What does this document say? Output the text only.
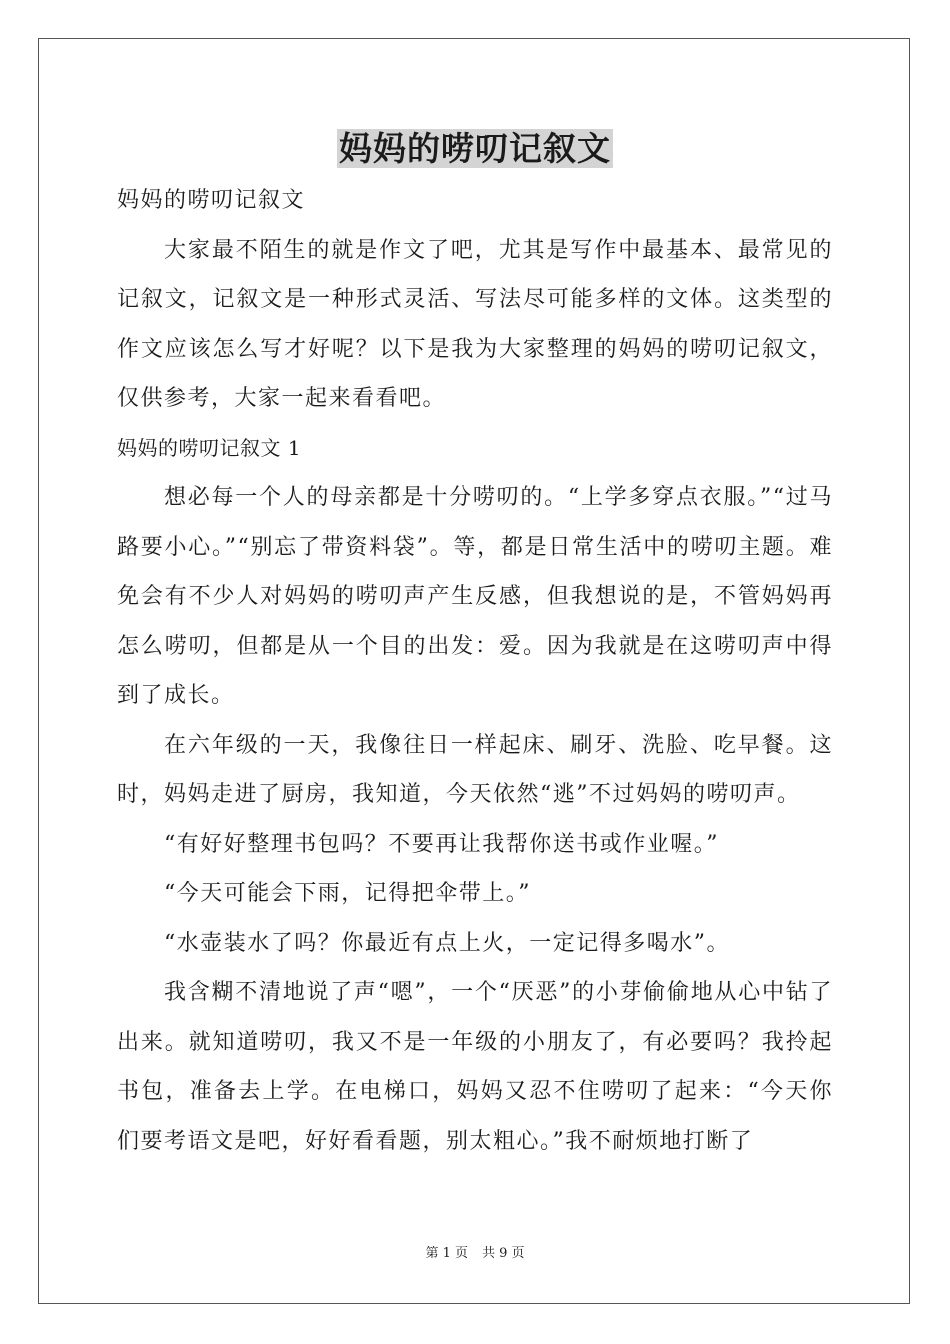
妈妈的唠叨记叙文

妈妈的唠叨记叙文

大家最不陌生的就是作文了吧，尤其是写作中最基本、最常见的记叙文，记叙文是一种形式灵活、写法尽可能多样的文体。这类型的作文应该怎么写才好呢？以下是我为大家整理的妈妈的唠叨记叙文，仅供参考，大家一起来看看吧。

妈妈的唠叨记叙文 1

想必每一个人的母亲都是十分唠叨的。“上学多穿点衣服。”“过马路要小心。”“别忘了带资料袋”。等，都是日常生活中的唠叨主题。难免会有不少人对妈妈的唠叨声产生反感，但我想说的是，不管妈妈再怎么唠叨，但都是从一个目的出发：爱。因为我就是在这唠叨声中得到了成长。

在六年级的一天，我像往日一样起床、刷牙、洗脸、吃早餐。这时，妈妈走进了厨房，我知道，今天依然“逃”不过妈妈的唠叨声。

“有好好整理书包吗？不要再让我帮你送书或作业喔。”

“今天可能会下雨，记得把伞带上。”

“水壶装水了吗？你最近有点上火，一定记得多喝水”。

我含糊不清地说了声“嗯”，一个“厌恶”的小芽偷偷地从心中钻了出来。就知道唠叨，我又不是一年级的小朋友了，有必要吗？我拎起书包，准备去上学。在电梯口，妈妈又忍不住唠叨了起来：“今天你们要考语文是吧，好好看看题，别太粗心。”我不耐烦地打断了

第 1 页 共 9 页
